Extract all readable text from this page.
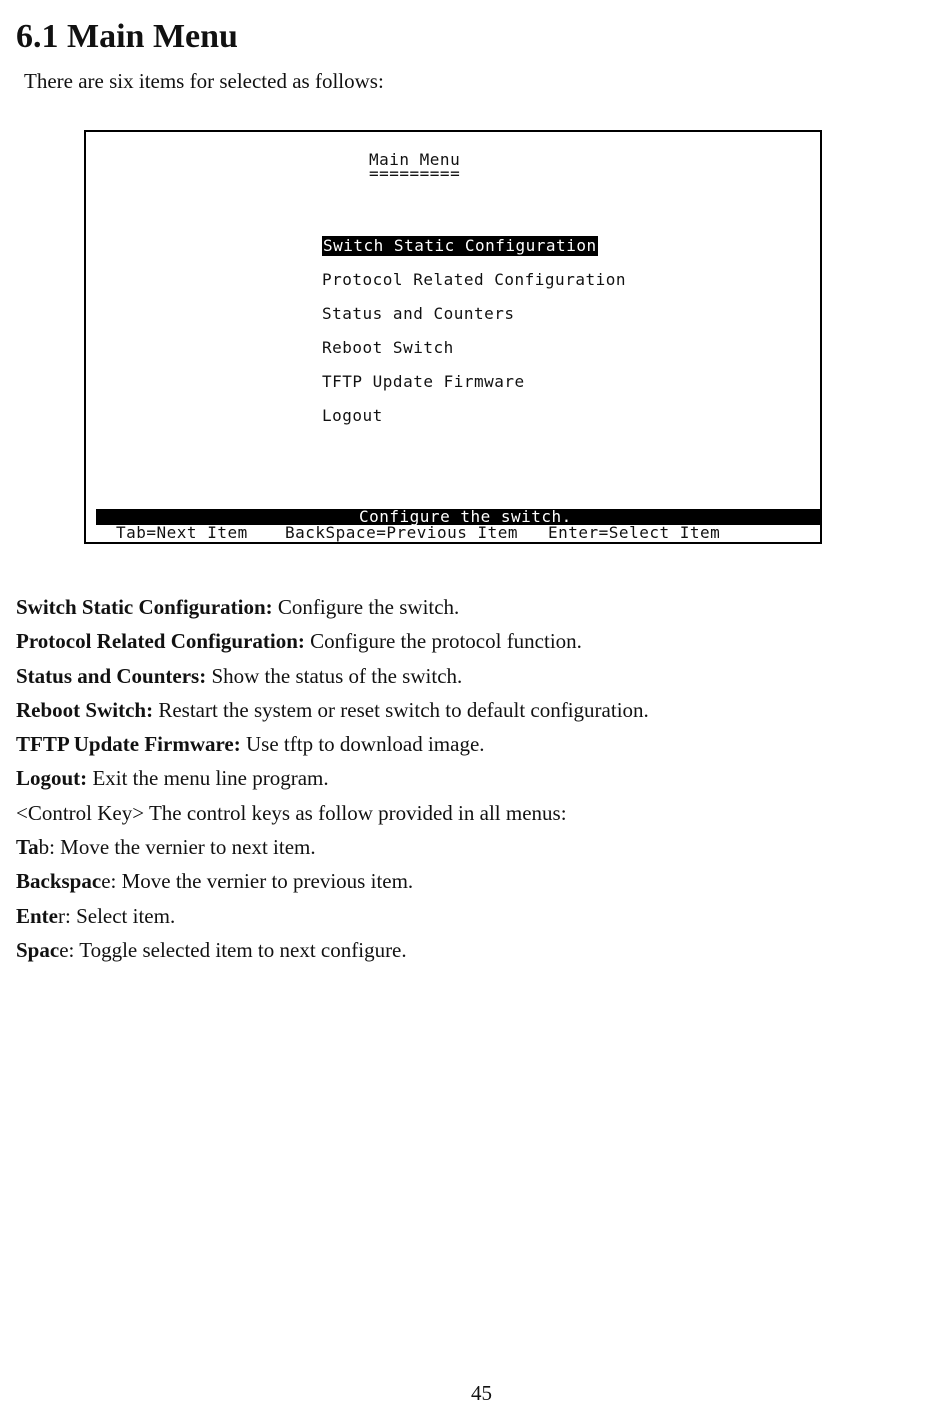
6.1 Main Menu

There are six items for selected as follows:

Main Menu

=========

Switch Static Configuration

Protocol Related Configuration

Status and Counters

Reboot Switch

TFTP Update Firmware

Logout

Configure the switch._

Tab=Next Item

BackSpace=Previous Item

Enter=Select Item

Switch Static Configuration: Configure the switch.
Protocol Related Configuration: Configure the protocol function.
Status and Counters: Show the status of the switch.
Reboot Switch: Restart the system or reset switch to default configuration.
TFTP Update Firmware: Use tftp to download image.
Logout: Exit the menu line program.
<Control Key> The control keys as follow provided in all menus:
Tab: Move the vernier to next item.
Backspace: Move the vernier to previous item.
Enter: Select item.
Space: Toggle selected item to next configure.
45
